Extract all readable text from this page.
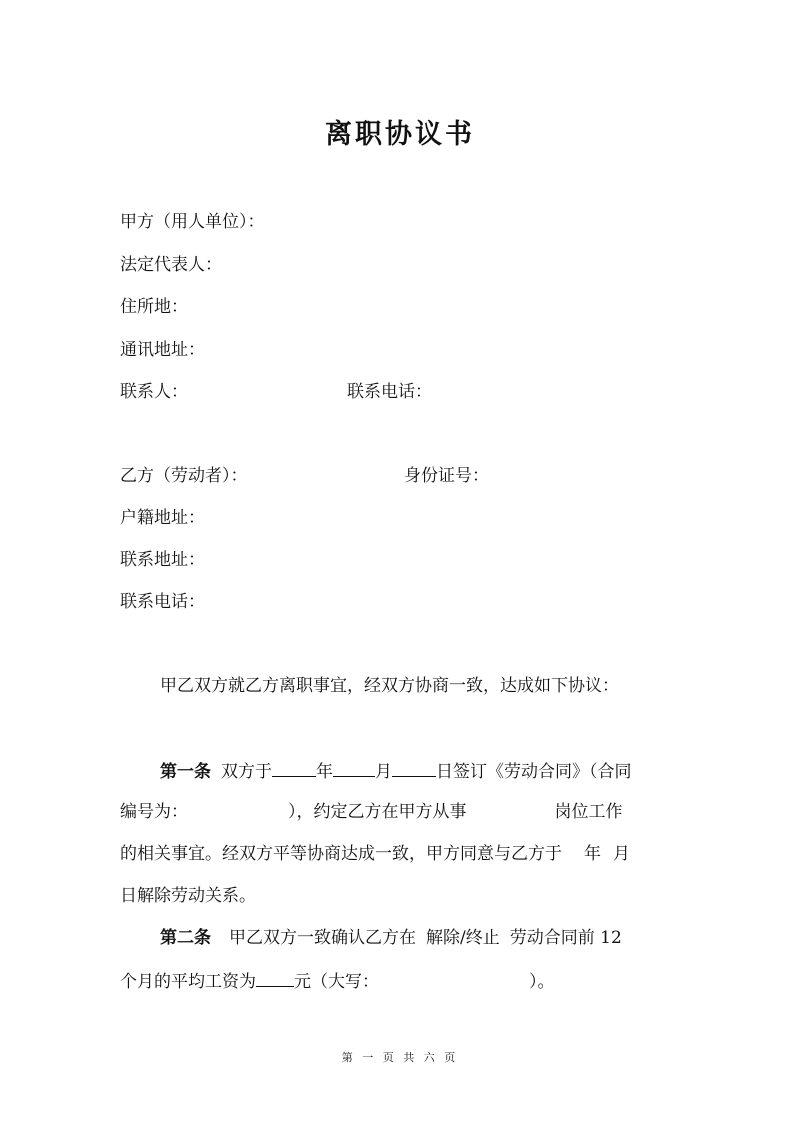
离职协议书
甲方（用人单位）：
法定代表人：
住所地：
通讯地址：
联系人：	联系电话：
乙方（劳动者）：	身份证号：
户籍地址：
联系地址：
联系电话：
甲乙双方就乙方离职事宜，经双方协商一致，达成如下协议：
第一条 双方于	年 月	日签订《劳动合同》（合同
编号为：	），约定乙方在甲方从事	岗位工作
的相关事宜。经双方平等协商达成一致，甲方同意与乙方于 年 月
日解除劳动关系。
第二条 甲乙双方一致确认乙方在 解除/终止 劳动合同前 12
个月的平均工资为 元（大写：	）。
第 一 页 共 六 页
